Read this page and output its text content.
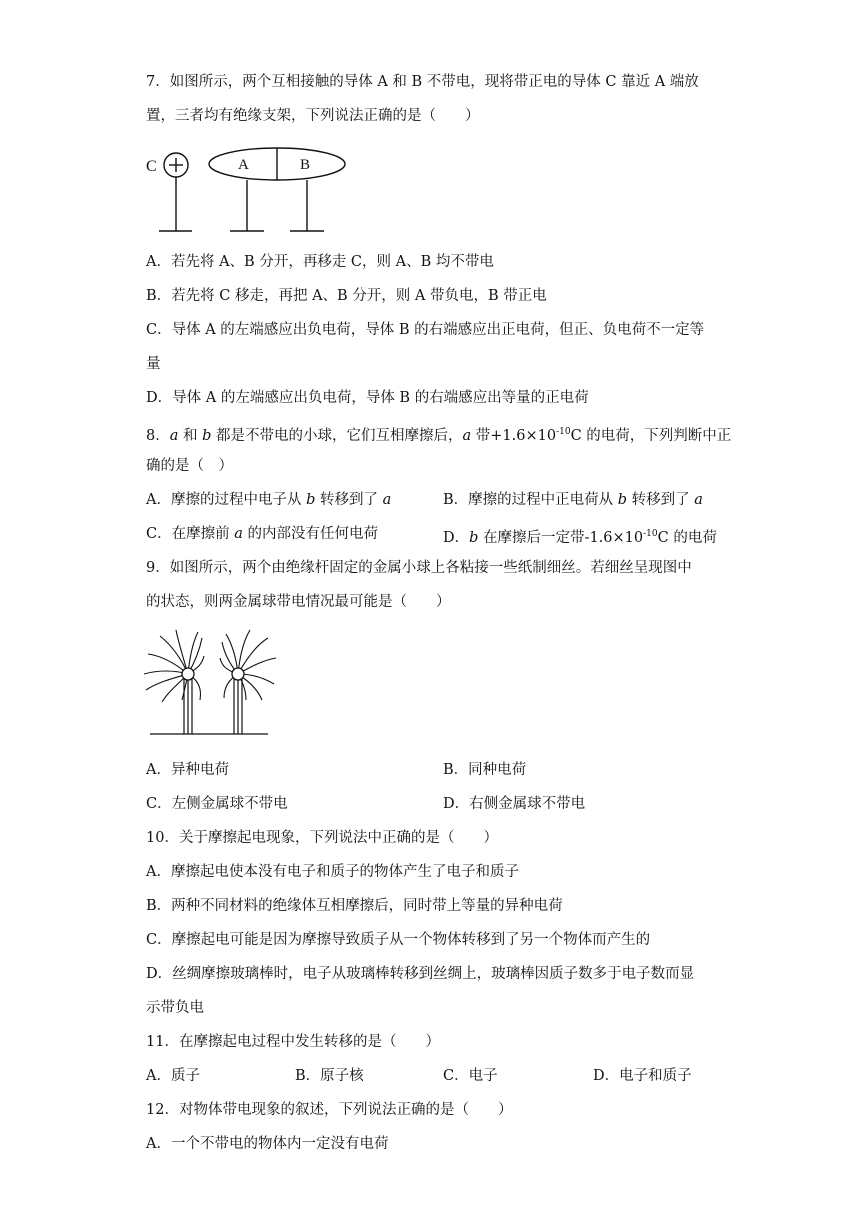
7．如图所示，两个互相接触的导体 A 和 B 不带电，现将带正电的导体 C 靠近 A 端放
置，三者均有绝缘支架，下列说法正确的是（　　）
C	A	B
A．若先将 A、B 分开，再移走 C，则 A、B 均不带电
B．若先将 C 移走，再把 A、B 分开，则 A 带负电，B 带正电
C．导体 A 的左端感应出负电荷，导体 B 的右端感应出正电荷，但正、负电荷不一定等
量
D．导体 A 的左端感应出负电荷，导体 B 的右端感应出等量的正电荷
8．a 和 b 都是不带电的小球，它们互相摩擦后，a 带$+1.6\times 10^{-10}C$ 的电荷，下列判断中正
确的是（　）
A．摩擦的过程中电子从 b 转移到了 a	B．摩擦的过程中正电荷从 b 转移到了 a
C．在摩擦前 a 的内部没有任何电荷	D．b 在摩擦后一定带$-1.6\times 10^{-10}C$ 的电荷
9．如图所示，两个由绝缘杆固定的金属小球上各粘接一些纸制细丝。若细丝呈现图中
的状态，则两金属球带电情况最可能是（　　）
A．异种电荷	B．同种电荷
C．左侧金属球不带电	D．右侧金属球不带电
10．关于摩擦起电现象，下列说法中正确的是（　　）
A．摩擦起电使本没有电子和质子的物体产生了电子和质子
B．两种不同材料的绝缘体互相摩擦后，同时带上等量的异种电荷
C．摩擦起电可能是因为摩擦导致质子从一个物体转移到了另一个物体而产生的
D．丝绸摩擦玻璃棒时，电子从玻璃棒转移到丝绸上，玻璃棒因质子数多于电子数而显
示带负电
11．在摩擦起电过程中发生转移的是（　　）
A．质子	B．原子核	C．电子	D．电子和质子
12．对物体带电现象的叙述，下列说法正确的是（　　）
A．一个不带电的物体内一定没有电荷
